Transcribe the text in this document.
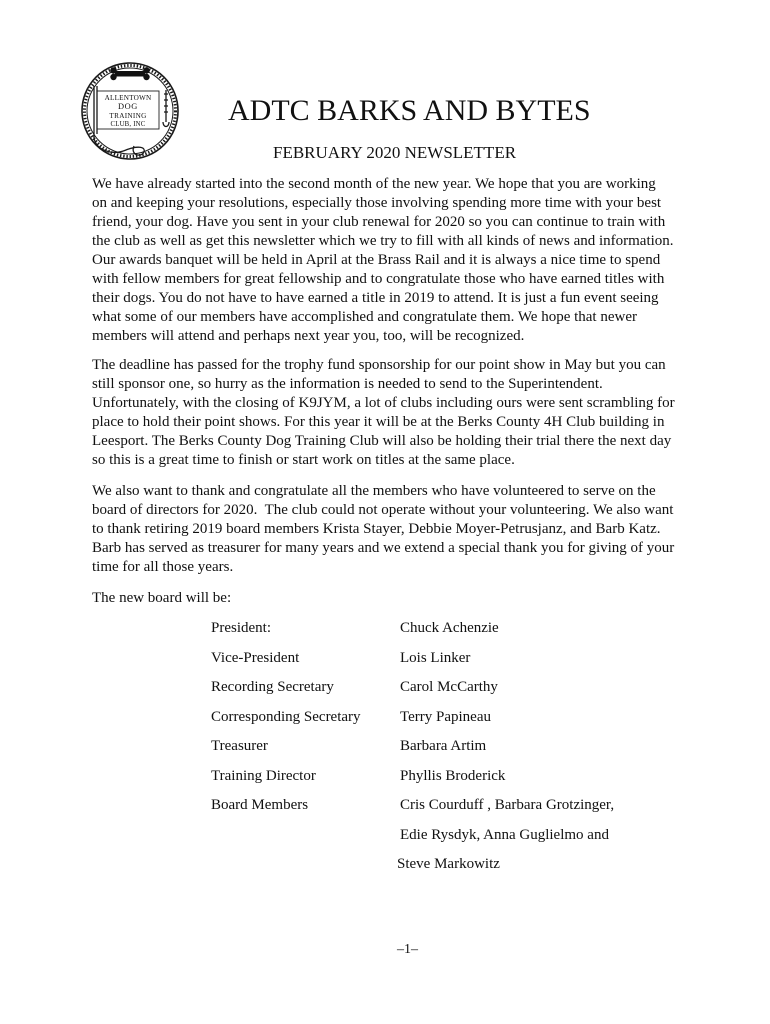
ALLENTOWN
DOG
TRAINING
CLUB, INC	ADTC BARKS AND BYTES
FEBRUARY 2020 NEWSLETTER
We have already started into the second month of the new year. We hope that you are working
on and keeping your resolutions, especially those involving spending more time with your best
friend, your dog. Have you sent in your club renewal for 2020 so you can continue to train with
the club as well as get this newsletter which we try to fill with all kinds of news and information.
Our awards banquet will be held in April at the Brass Rail and it is always a nice time to spend
with fellow members for great fellowship and to congratulate those who have earned titles with
their dogs. You do not have to have earned a title in 2019 to attend. It is just a fun event seeing
what some of our members have accomplished and congratulate them. We hope that newer
members will attend and perhaps next year you, too, will be recognized.
The deadline has passed for the trophy fund sponsorship for our point show in May but you can
still sponsor one, so hurry as the information is needed to send to the Superintendent.
Unfortunately, with the closing of K9JYM, a lot of clubs including ours were sent scrambling for
place to hold their point shows. For this year it will be at the Berks County 4H Club building in
Leesport. The Berks County Dog Training Club will also be holding their trial there the next day
so this is a great time to finish or start work on titles at the same place.
We also want to thank and congratulate all the members who have volunteered to serve on the
board of directors for 2020.  The club could not operate without your volunteering. We also want
to thank retiring 2019 board members Krista Stayer, Debbie Moyer-Petrusjanz, and Barb Katz.
Barb has served as treasurer for many years and we extend a special thank you for giving of your
time for all those years.
The new board will be:
President:	Chuck Achenzie
Vice-President	Lois Linker
Recording Secretary	Carol McCarthy
Corresponding Secretary	Terry Papineau
Treasurer	Barbara Artim
Training Director	Phyllis Broderick
Board Members	Cris Courduff , Barbara Grotzinger,
Edie Rysdyk, Anna Guglielmo and
Steve Markowitz
–1–
